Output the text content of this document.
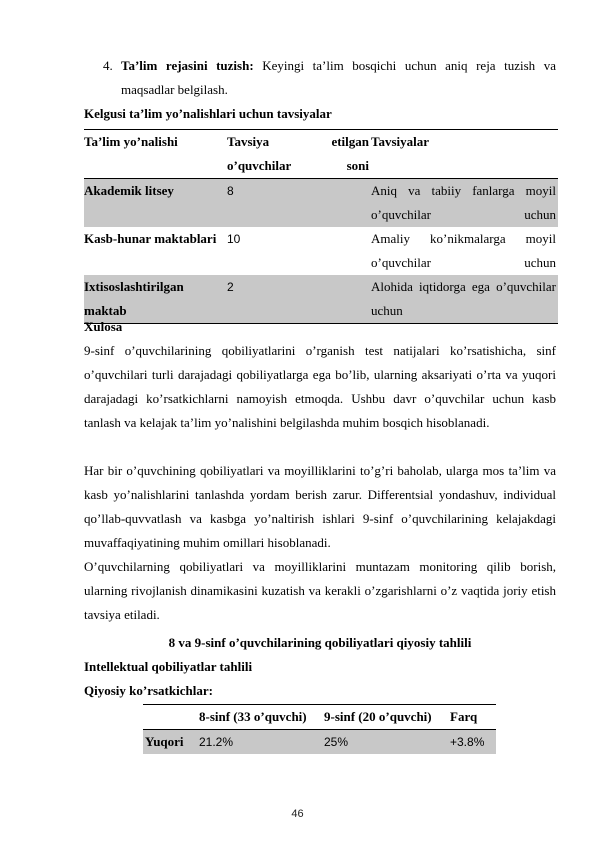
4. Ta’lim rejasini tuzish: Keyingi ta’lim bosqichi uchun aniq reja tuzish va maqsadlar belgilash.
Kelgusi ta’lim yo’nalishlari uchun tavsiyalar
Ta’lim yo’nalishi	Tavsiya etilgan o’quvchilar soni	Tavsiyalar
Akademik litsey	8	Aniq va tabiiy fanlarga moyil o’quvchilar uchun
Kasb-hunar maktablari	10	Amaliy ko’nikmalarga moyil o’quvchilar uchun
Ixtisoslashtirilgan maktab	2	Alohida iqtidorga ega o’quvchilar uchun
Xulosa
9-sinf o’quvchilarining qobiliyatlarini o’rganish test natijalari ko’rsatishicha, sinf o’quvchilari turli darajadagi qobiliyatlarga ega bo’lib, ularning aksariyati o’rta va yuqori darajadagi ko’rsatkichlarni namoyish etmoqda. Ushbu davr o’quvchilar uchun kasb tanlash va kelajak ta’lim yo’nalishini belgilashda muhim bosqich hisoblanadi.
Har bir o’quvchining qobiliyatlari va moyilliklarini to’g’ri baholab, ularga mos ta’lim va kasb yo’nalishlarini tanlashda yordam berish zarur. Differentsial yondashuv, individual qo’llab-quvvatlash va kasbga yo’naltirish ishlari 9-sinf o’quvchilarining kelajakdagi muvaffaqiyatining muhim omillari hisoblanadi.
O’quvchilarning qobiliyatlari va moyilliklarini muntazam monitoring qilib borish, ularning rivojlanish dinamikasini kuzatish va kerakli o’zgarishlarni o’z vaqtida joriy etish tavsiya etiladi.
8 va 9-sinf o’quvchilarining qobiliyatlari qiyosiy tahlili
Intellektual qobiliyatlar tahlili
Qiyosiy ko’rsatkichlar:
	8-sinf (33 o’quvchi)	9-sinf (20 o’quvchi)	Farq
Yuqori	21.2%	25%	+3.8%
46
